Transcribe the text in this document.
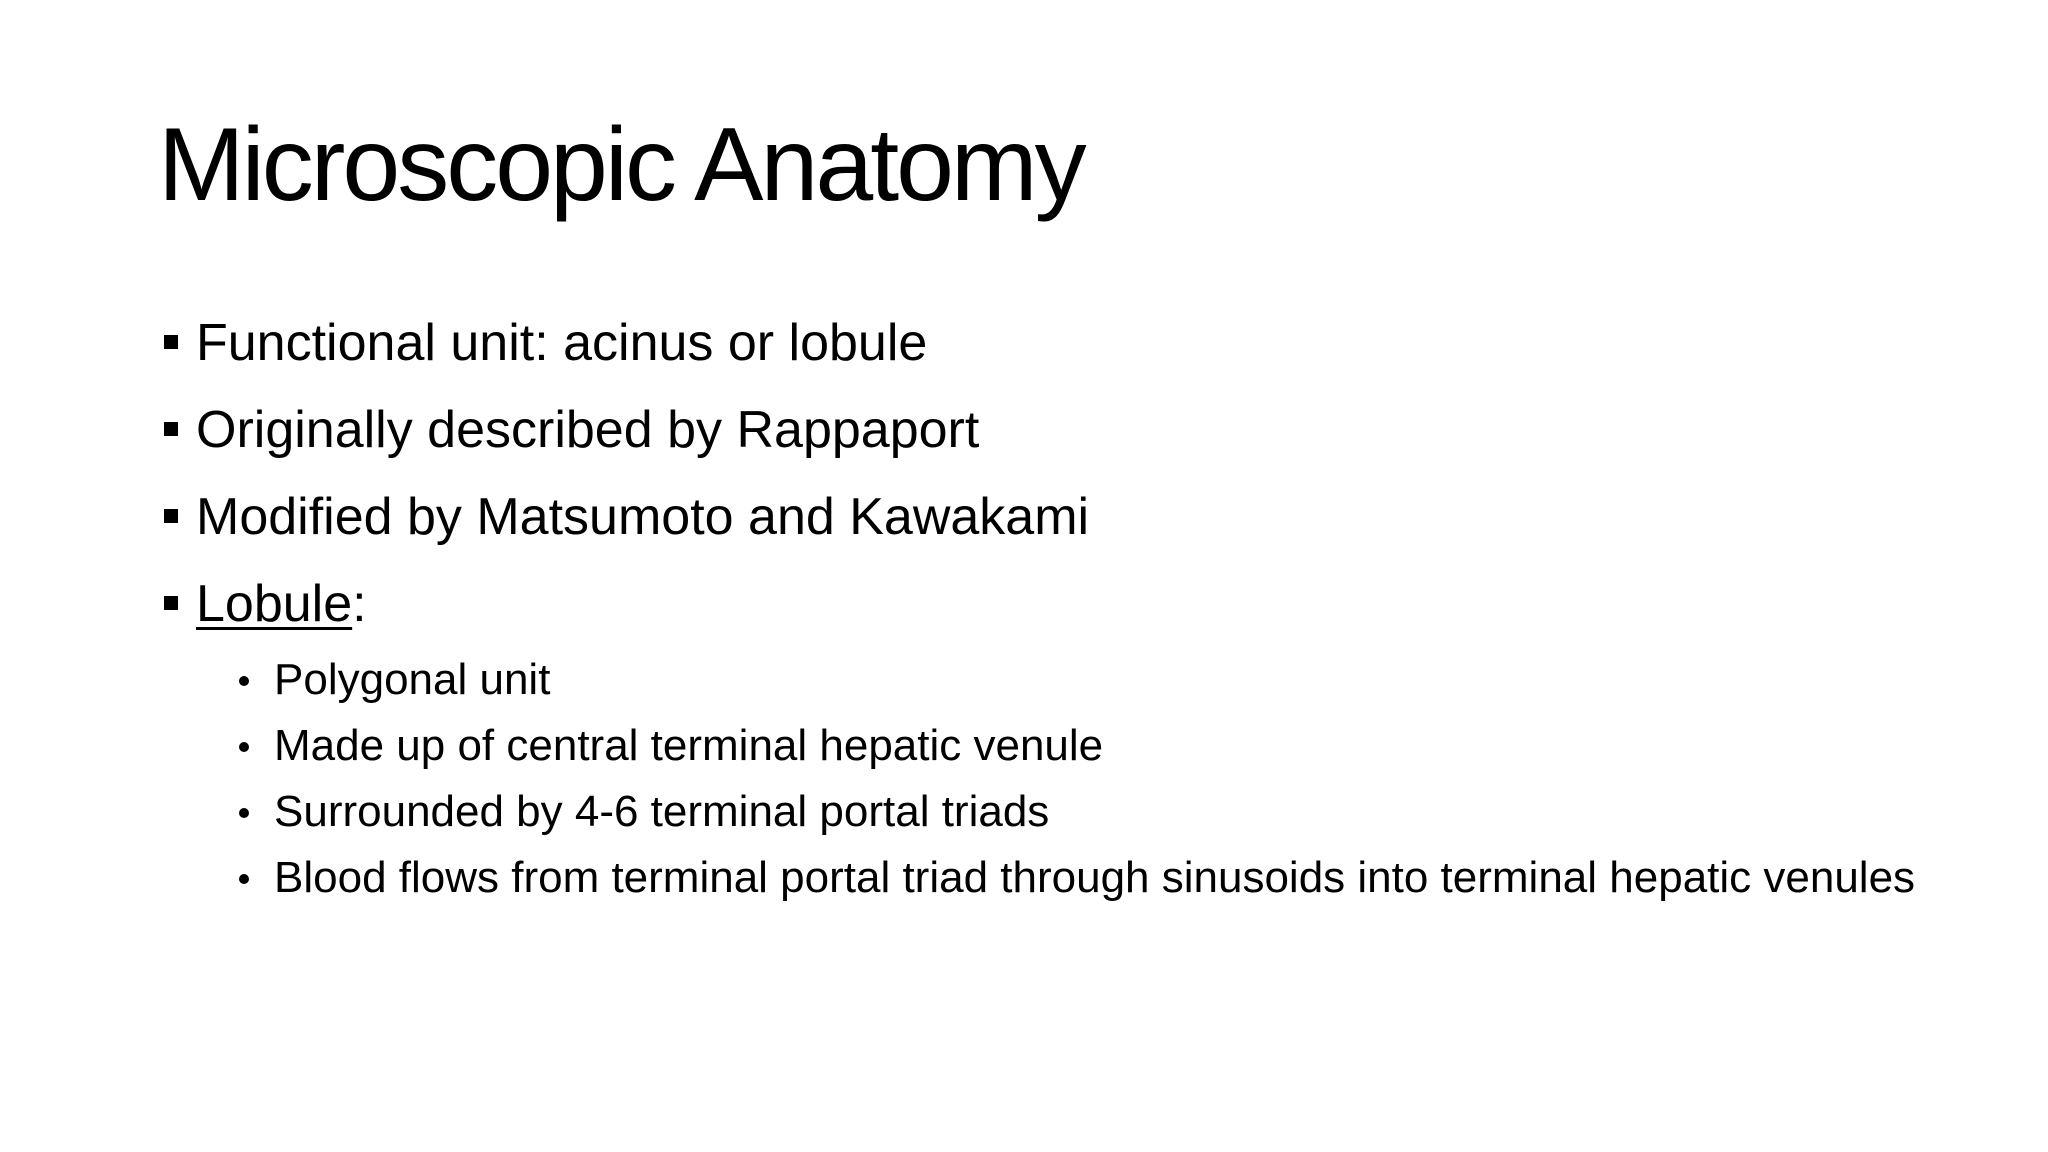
Microscopic Anatomy
Functional unit: acinus or lobule
Originally described by Rappaport
Modified by Matsumoto and Kawakami
Lobule:
Polygonal unit
Made up of central terminal hepatic venule
Surrounded by 4-6 terminal portal triads
Blood flows from terminal portal triad through sinusoids into terminal hepatic venules
